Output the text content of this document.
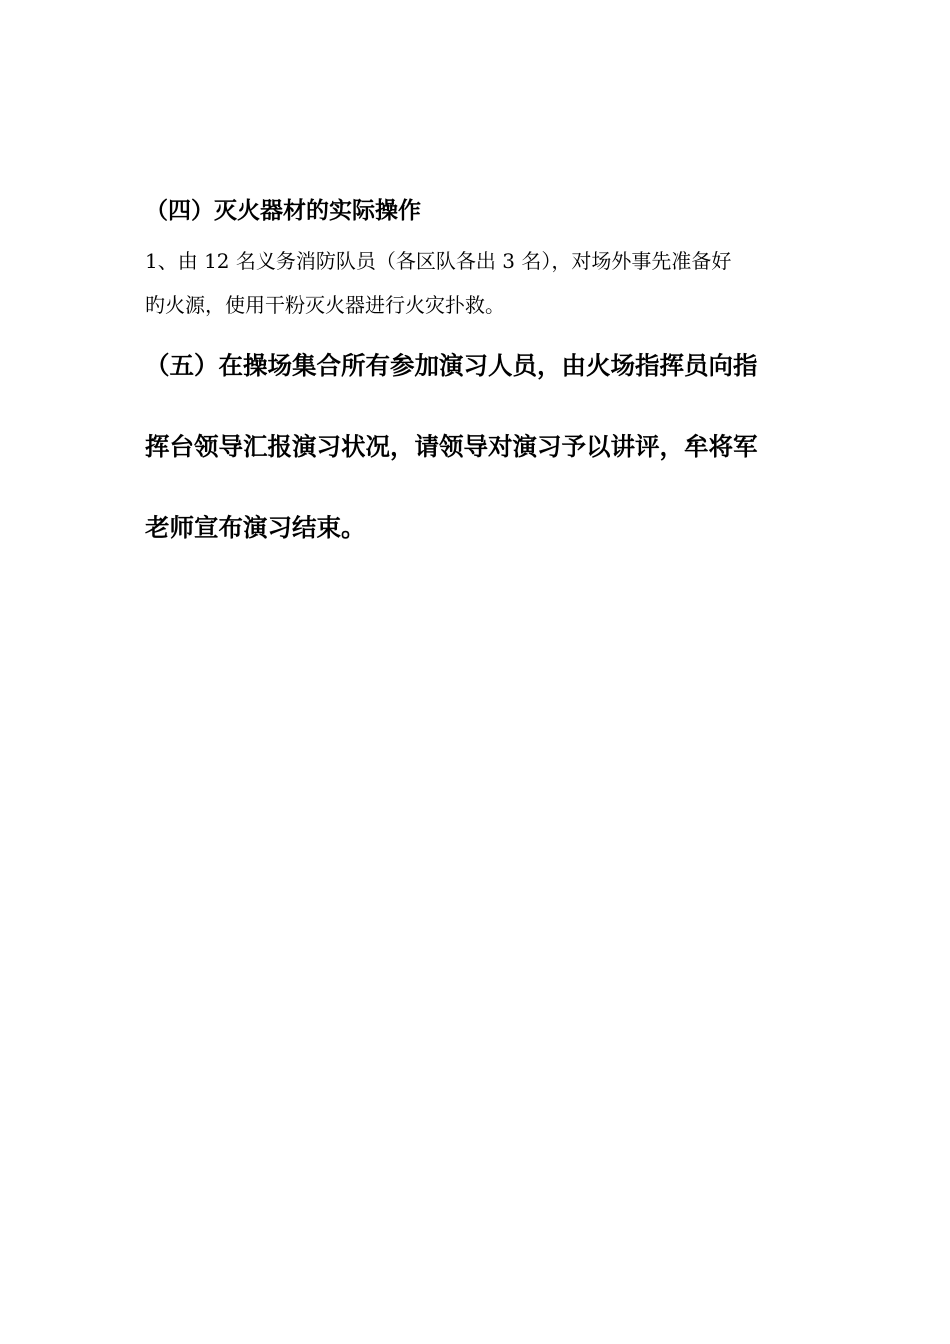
（四）灭火器材的实际操作
1、由 12 名义务消防队员（各区队各出 3 名），对场外事先准备好
旳火源，使用干粉灭火器进行火灾扑救。
（五）在操场集合所有参加演习人员，由火场指挥员向指
挥台领导汇报演习状况，请领导对演习予以讲评，牟将军
老师宣布演习结束。
